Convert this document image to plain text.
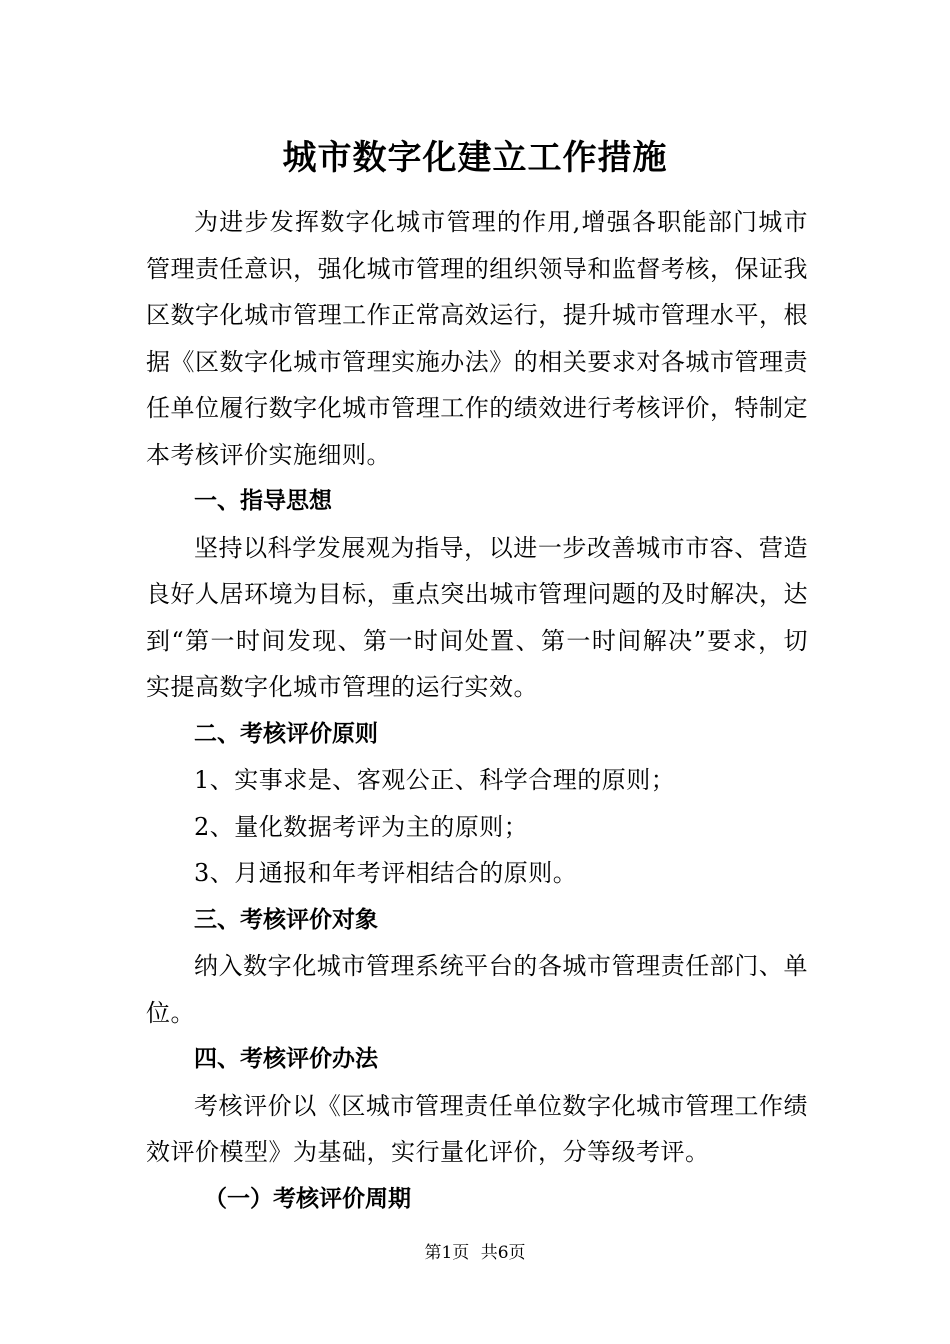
城市数字化建立工作措施

为进步发挥数字化城市管理的作用,增强各职能部门城市管理责任意识，强化城市管理的组织领导和监督考核，保证我区数字化城市管理工作正常高效运行，提升城市管理水平，根据《区数字化城市管理实施办法》的相关要求对各城市管理责任单位履行数字化城市管理工作的绩效进行考核评价，特制定本考核评价实施细则。

一、指导思想

坚持以科学发展观为指导，以进一步改善城市市容、营造良好人居环境为目标，重点突出城市管理问题的及时解决，达到“第一时间发现、第一时间处置、第一时间解决”要求，切实提高数字化城市管理的运行实效。

二、考核评价原则

1、实事求是、客观公正、科学合理的原则；

2、量化数据考评为主的原则；

3、月通报和年考评相结合的原则。

三、考核评价对象

纳入数字化城市管理系统平台的各城市管理责任部门、单位。

四、考核评价办法

考核评价以《区城市管理责任单位数字化城市管理工作绩效评价模型》为基础，实行量化评价，分等级考评。

（一）考核评价周期

第1页 共6页
